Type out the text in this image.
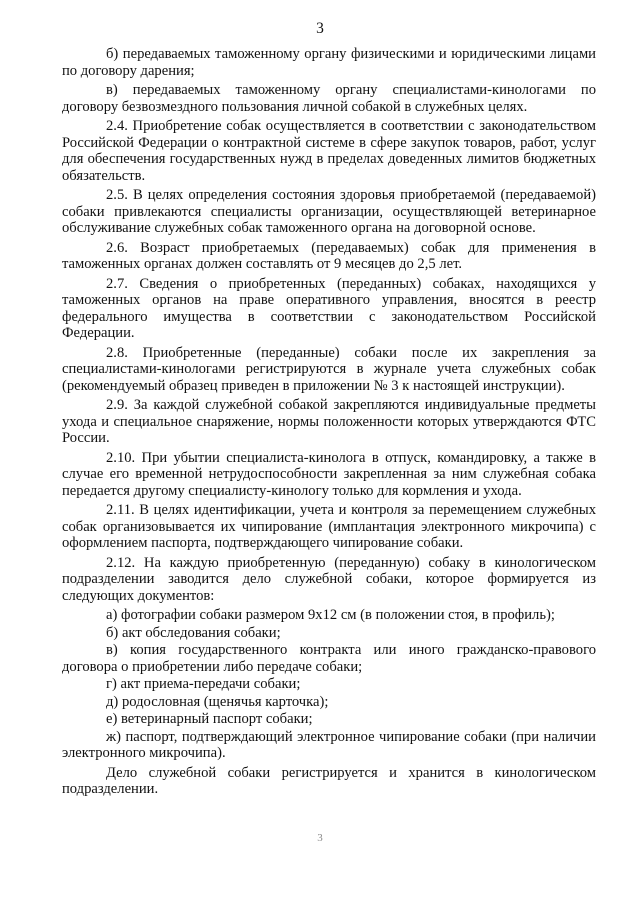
3

б) передаваемых таможенному органу физическими и юридическими лицами по договору дарения;

в) передаваемых таможенному органу специалистами-кинологами по договору безвозмездного пользования личной собакой в служебных целях.

2.4. Приобретение собак осуществляется в соответствии с законодательством Российской Федерации о контрактной системе в сфере закупок товаров, работ, услуг для обеспечения государственных нужд в пределах доведенных лимитов бюджетных обязательств.

2.5. В целях определения состояния здоровья приобретаемой (передаваемой) собаки привлекаются специалисты организации, осуществляющей ветеринарное обслуживание служебных собак таможенного органа на договорной основе.

2.6. Возраст приобретаемых (передаваемых) собак для применения в таможенных органах должен составлять от 9 месяцев до 2,5 лет.

2.7. Сведения о приобретенных (переданных) собаках, находящихся у таможенных органов на праве оперативного управления, вносятся в реестр федерального имущества в соответствии с законодательством Российской Федерации.

2.8. Приобретенные (переданные) собаки после их закрепления за специалистами-кинологами регистрируются в журнале учета служебных собак (рекомендуемый образец приведен в приложении № 3 к настоящей инструкции).

2.9. За каждой служебной собакой закрепляются индивидуальные предметы ухода и специальное снаряжение, нормы положенности которых утверждаются ФТС России.

2.10. При убытии специалиста-кинолога в отпуск, командировку, а также в случае его временной нетрудоспособности закрепленная за ним служебная собака передается другому специалисту-кинологу только для кормления и ухода.

2.11. В целях идентификации, учета и контроля за перемещением служебных собак организовывается их чипирование (имплантация электронного микрочипа) с оформлением паспорта, подтверждающего чипирование собаки.

2.12. На каждую приобретенную (переданную) собаку в кинологическом подразделении заводится дело служебной собаки, которое формируется из следующих документов:

а) фотографии собаки размером 9х12 см (в положении стоя, в профиль);

б) акт обследования собаки;

в) копия государственного контракта или иного гражданско-правового договора о приобретении либо передаче собаки;

г) акт приема-передачи собаки;

д) родословная (щенячья карточка);

е) ветеринарный паспорт собаки;

ж) паспорт, подтверждающий электронное чипирование собаки (при наличии электронного микрочипа).

Дело служебной собаки регистрируется и хранится в кинологическом подразделении.

3
